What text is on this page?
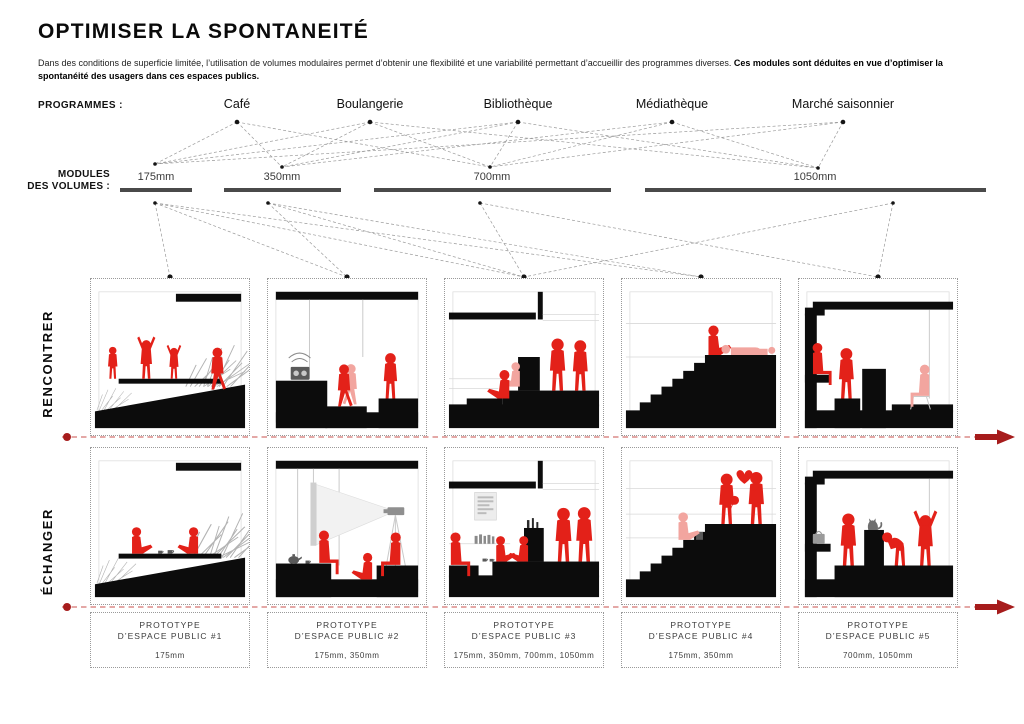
OPTIMISER LA SPONTANEITÉ
Dans des conditions de superficie limitée, l’utilisation de volumes modulaires permet d’obtenir une flexibilité et une variabilité permettant d’accueillir des programmes diverses. Ces modules sont déduites en vue d’optimiser la spontanéité des usagers dans ces espaces publics.
PROGRAMMES :	Café	Boulangerie	Bibliothèque	Médiathèque	Marché saisonnier
MODULES
DES VOLUMES :
175mm	350mm	700mm	1050mm
RENCONTRER
ÉCHANGER
PROTOTYPE
D’ESPACE PUBLIC #1
175mm
PROTOTYPE
D’ESPACE PUBLIC #2
175mm, 350mm
PROTOTYPE
D’ESPACE PUBLIC #3
175mm, 350mm, 700mm, 1050mm
PROTOTYPE
D’ESPACE PUBLIC #4
175mm, 350mm
PROTOTYPE
D’ESPACE PUBLIC #5
700mm, 1050mm
